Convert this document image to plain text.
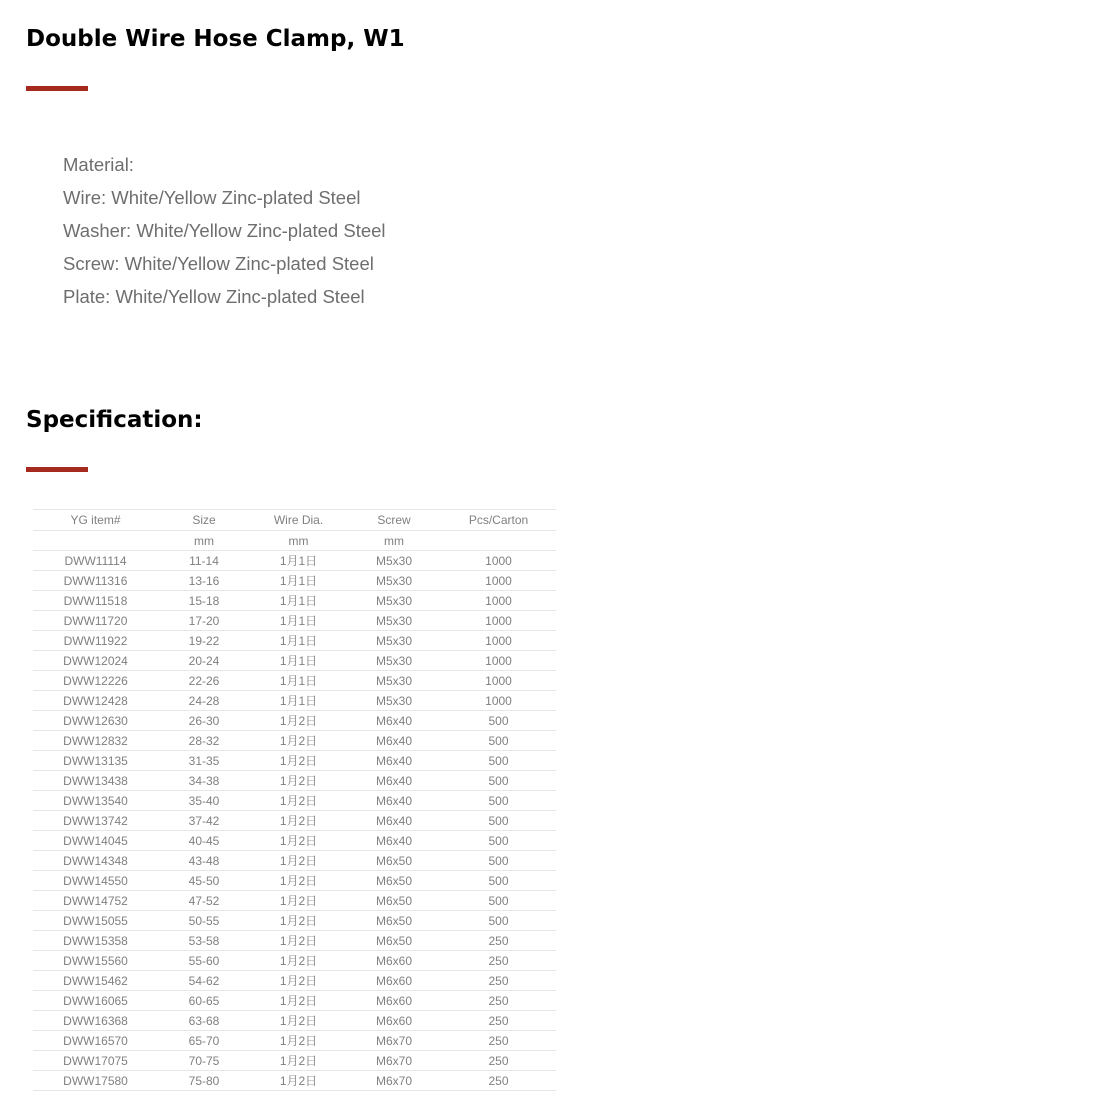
Double Wire Hose Clamp, W1
Material:
Wire: White/Yellow Zinc-plated Steel
Washer: White/Yellow Zinc-plated Steel
Screw: White/Yellow Zinc-plated Steel
Plate: White/Yellow Zinc-plated Steel
Specification:
YG item#	Size	Wire Dia.	Screw	Pcs/Carton
	mm	mm	mm	
DWW11114	11-14	1月1日	M5x30	1000
DWW11316	13-16	1月1日	M5x30	1000
DWW11518	15-18	1月1日	M5x30	1000
DWW11720	17-20	1月1日	M5x30	1000
DWW11922	19-22	1月1日	M5x30	1000
DWW12024	20-24	1月1日	M5x30	1000
DWW12226	22-26	1月1日	M5x30	1000
DWW12428	24-28	1月1日	M5x30	1000
DWW12630	26-30	1月2日	M6x40	500
DWW12832	28-32	1月2日	M6x40	500
DWW13135	31-35	1月2日	M6x40	500
DWW13438	34-38	1月2日	M6x40	500
DWW13540	35-40	1月2日	M6x40	500
DWW13742	37-42	1月2日	M6x40	500
DWW14045	40-45	1月2日	M6x40	500
DWW14348	43-48	1月2日	M6x50	500
DWW14550	45-50	1月2日	M6x50	500
DWW14752	47-52	1月2日	M6x50	500
DWW15055	50-55	1月2日	M6x50	500
DWW15358	53-58	1月2日	M6x50	250
DWW15560	55-60	1月2日	M6x60	250
DWW15462	54-62	1月2日	M6x60	250
DWW16065	60-65	1月2日	M6x60	250
DWW16368	63-68	1月2日	M6x60	250
DWW16570	65-70	1月2日	M6x70	250
DWW17075	70-75	1月2日	M6x70	250
DWW17580	75-80	1月2日	M6x70	250
